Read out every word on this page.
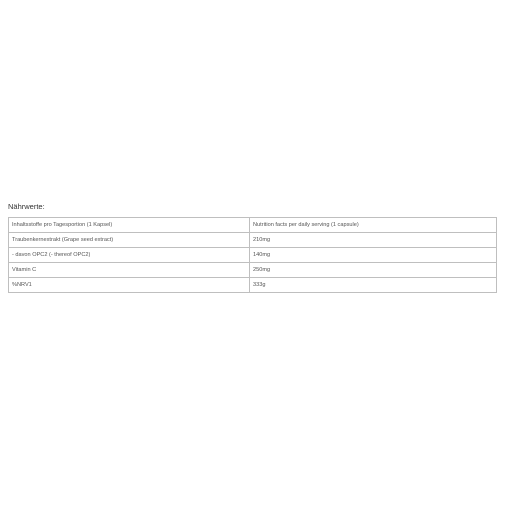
Nährwerte:

Inhaltsstoffe pro Tagesportion (1 Kapsel)	Nutrition facts per daily serving (1 capsule)
Traubenkernextrakt (Grape seed extract)	210mg
- davon OPC2 (- thereof OPC2)	140mg
Vitamin C	250mg
%NRV1	333g
